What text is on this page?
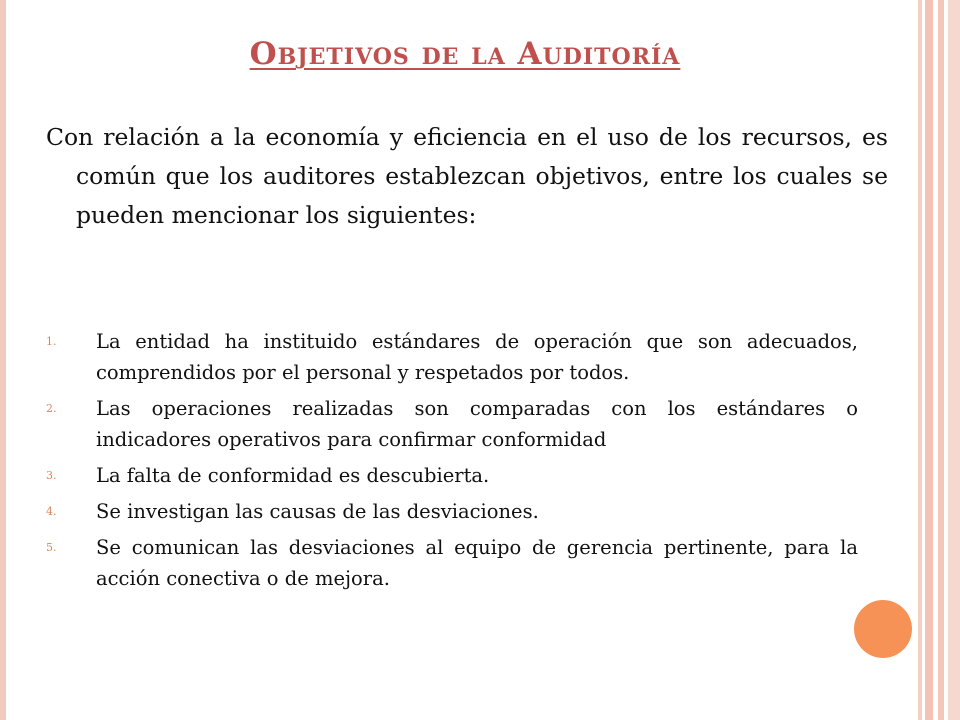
Objetivos de la Auditoría

Con relación a la economía y eficiencia en el uso de los recursos, es común que los auditores establezcan objetivos, entre los cuales se pueden mencionar los siguientes:

1. La entidad ha instituido estándares de operación que son adecuados, comprendidos por el personal y respetados por todos.
2. Las operaciones realizadas son comparadas con los estándares o indicadores operativos para confirmar conformidad
3. La falta de conformidad es descubierta.
4. Se investigan las causas de las desviaciones.
5. Se comunican las desviaciones al equipo de gerencia pertinente, para la acción conectiva o de mejora.
